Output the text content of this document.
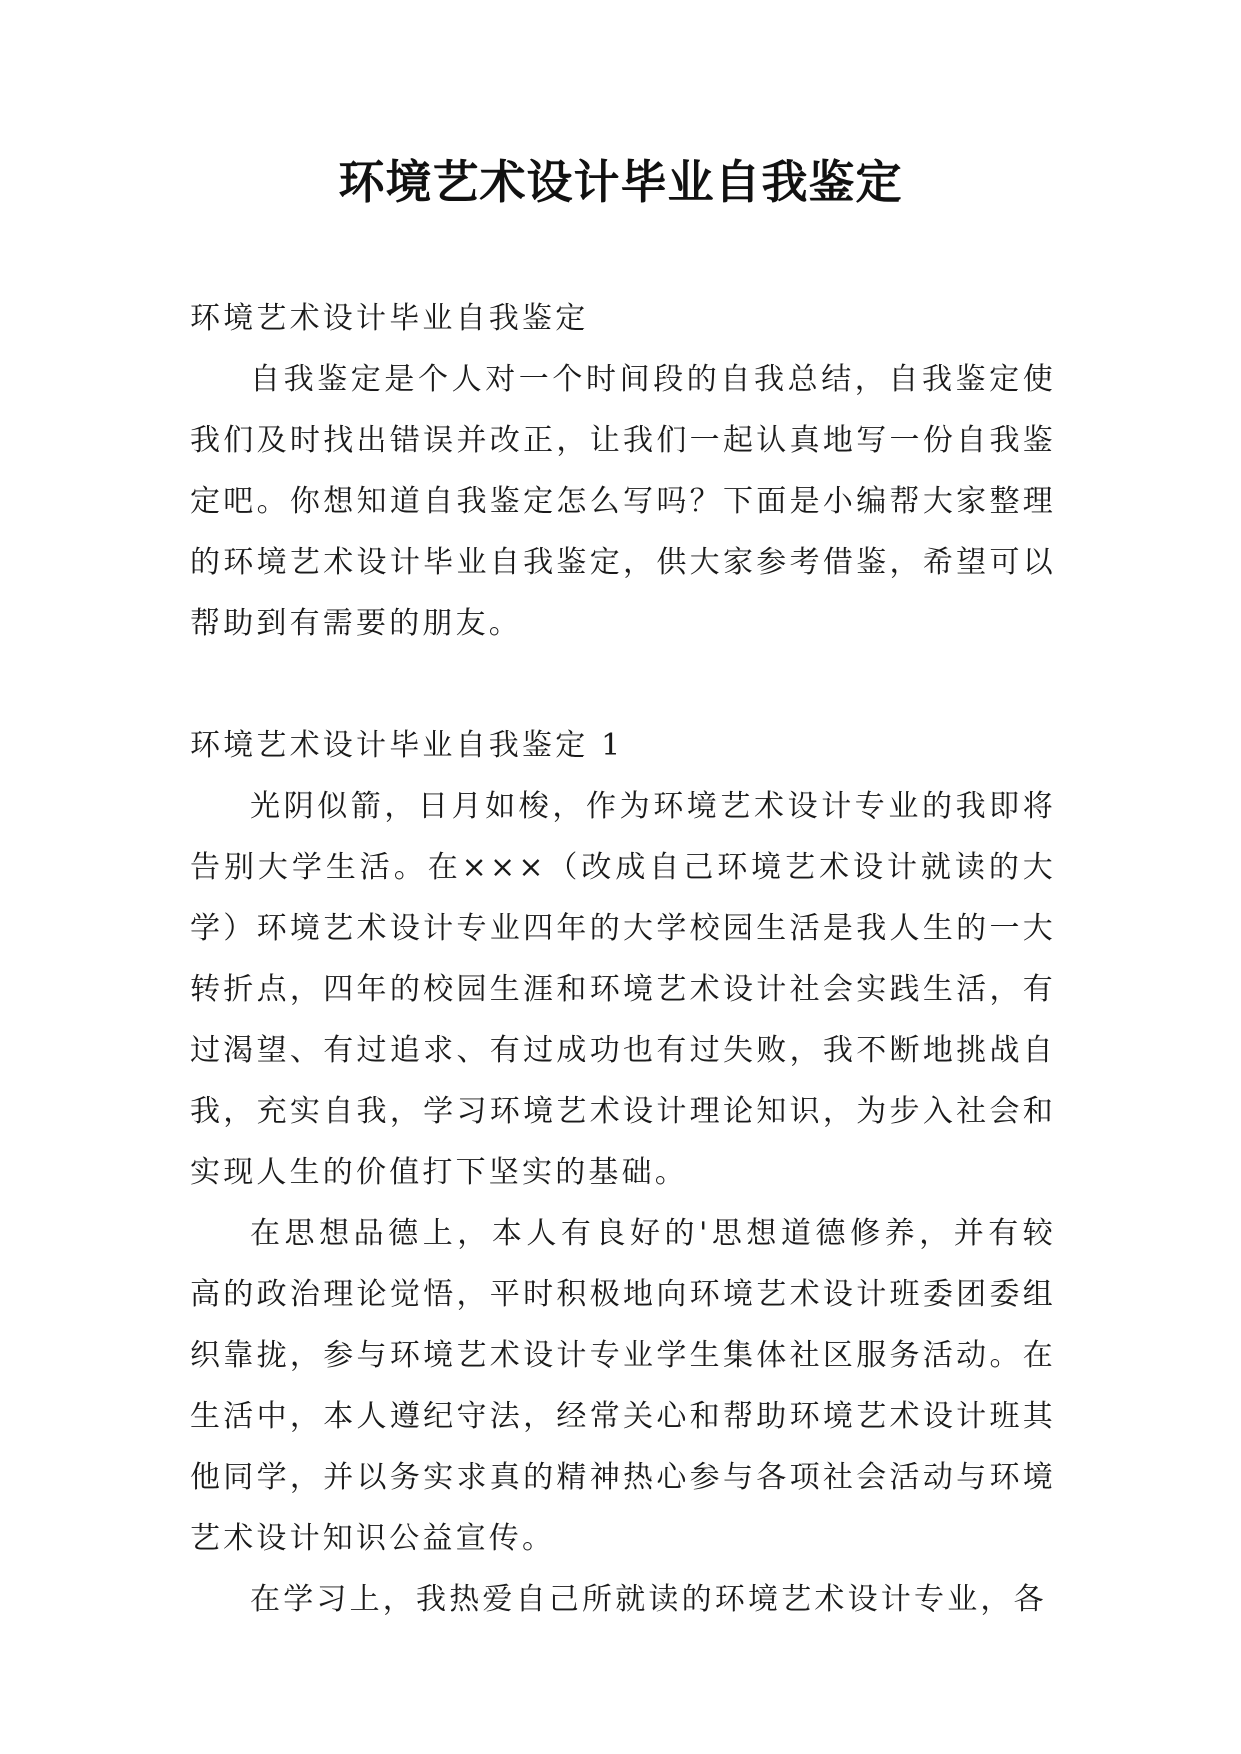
环境艺术设计毕业自我鉴定

环境艺术设计毕业自我鉴定

自我鉴定是个人对一个时间段的自我总结，自我鉴定使我们及时找出错误并改正，让我们一起认真地写一份自我鉴定吧。你想知道自我鉴定怎么写吗？下面是小编帮大家整理的环境艺术设计毕业自我鉴定，供大家参考借鉴，希望可以帮助到有需要的朋友。

环境艺术设计毕业自我鉴定 1

光阴似箭，日月如梭，作为环境艺术设计专业的我即将告别大学生活。在×××（改成自己环境艺术设计就读的大学）环境艺术设计专业四年的大学校园生活是我人生的一大转折点，四年的校园生涯和环境艺术设计社会实践生活，有过渴望、有过追求、有过成功也有过失败，我不断地挑战自我，充实自我，学习环境艺术设计理论知识，为步入社会和实现人生的价值打下坚实的基础。

在思想品德上，本人有良好的'思想道德修养，并有较高的政治理论觉悟，平时积极地向环境艺术设计班委团委组织靠拢，参与环境艺术设计专业学生集体社区服务活动。在生活中，本人遵纪守法，经常关心和帮助环境艺术设计班其他同学，并以务实求真的精神热心参与各项社会活动与环境艺术设计知识公益宣传。

在学习上，我热爱自己所就读的环境艺术设计专业，各
